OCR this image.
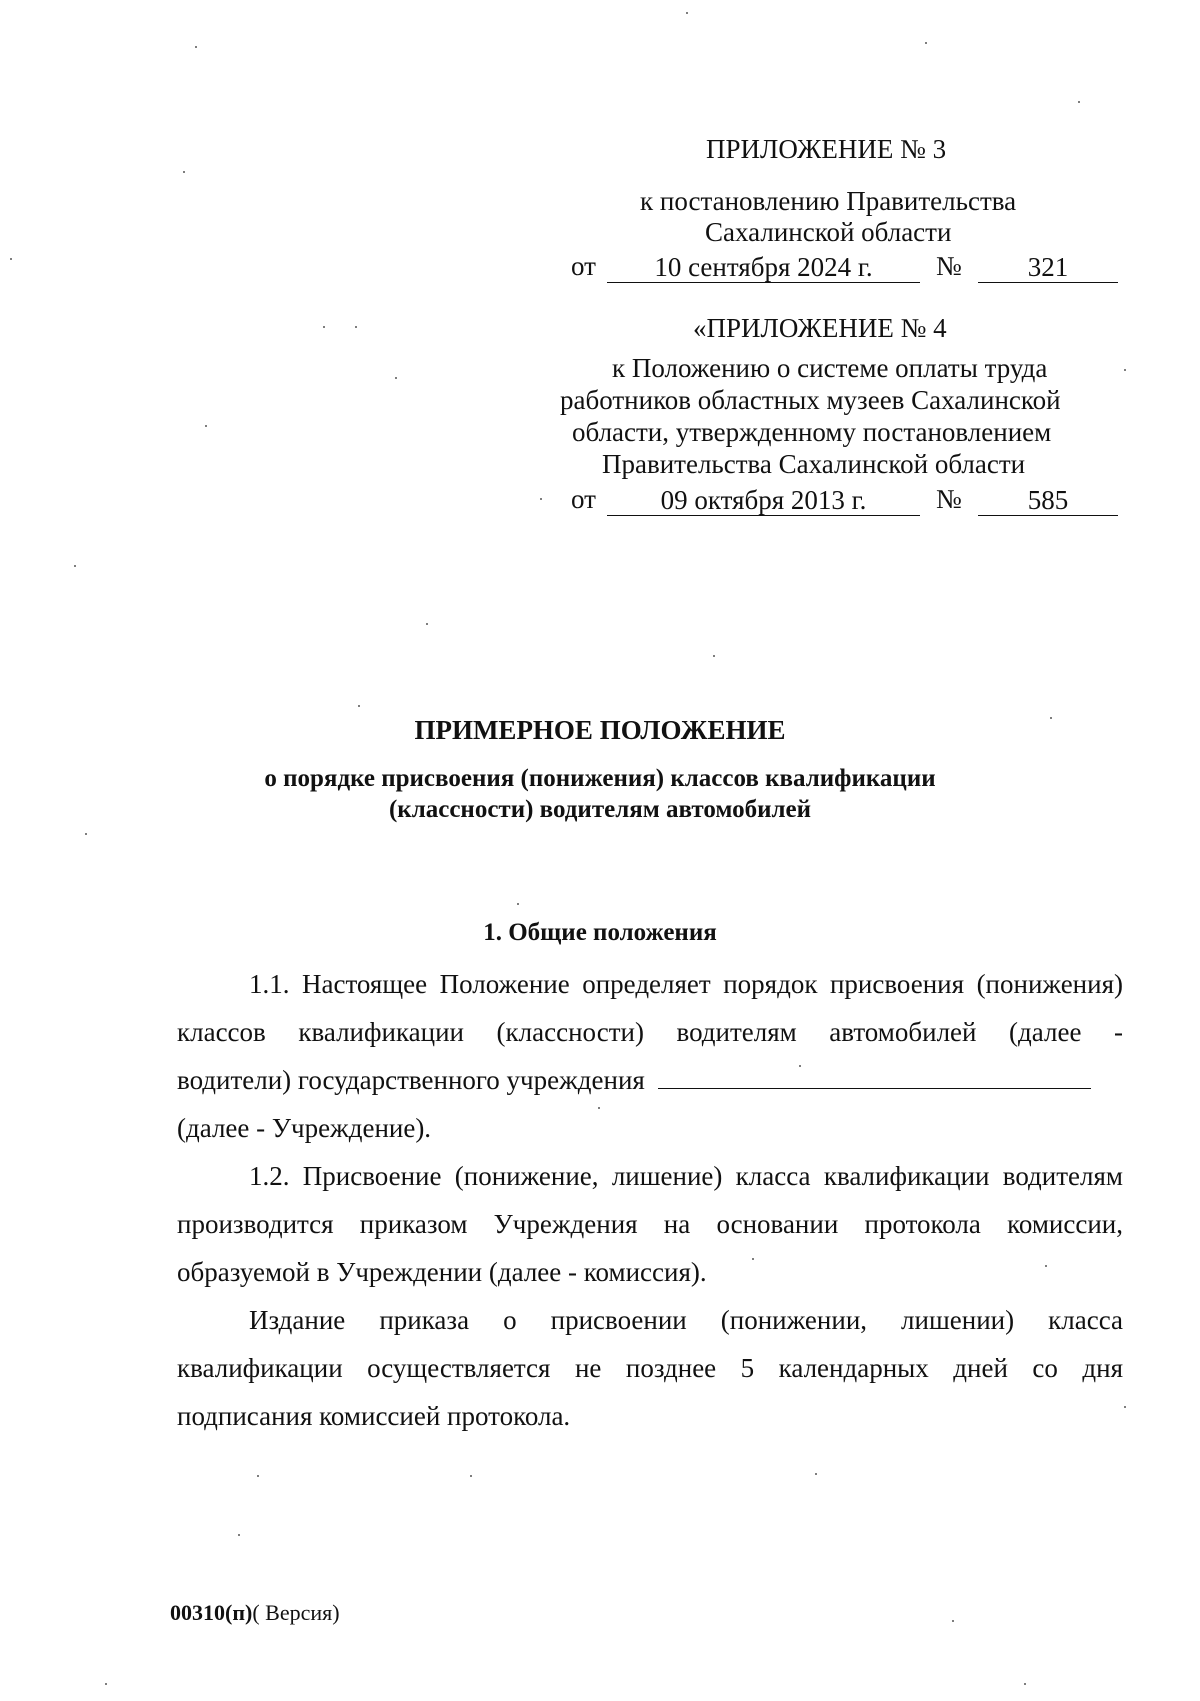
ПРИЛОЖЕНИЕ № 3
к постановлению Правительства
Сахалинской области
от	10 сентября 2024 г.	№	321
«ПРИЛОЖЕНИЕ № 4
к Положению о системе оплаты труда
работников областных музеев Сахалинской
области, утвержденному постановлением
Правительства Сахалинской области
от	09 октября 2013 г.	№	585
ПРИМЕРНОЕ ПОЛОЖЕНИЕ
о порядке присвоения (понижения) классов квалификации
(классности) водителям автомобилей
1. Общие положения
1.1. Настоящее Положение определяет порядок присвоения (понижения)
классов квалификации (классности) водителям автомобилей (далее -
водители) государственного учреждения
(далее - Учреждение).
1.2. Присвоение (понижение, лишение) класса квалификации водителям
производится приказом Учреждения на основании протокола комиссии,
образуемой в Учреждении (далее - комиссия).
Издание приказа о присвоении (понижении, лишении) класса
квалификации осуществляется не позднее 5 календарных дней со дня
подписания комиссией протокола.
00310(п)( Версия)
